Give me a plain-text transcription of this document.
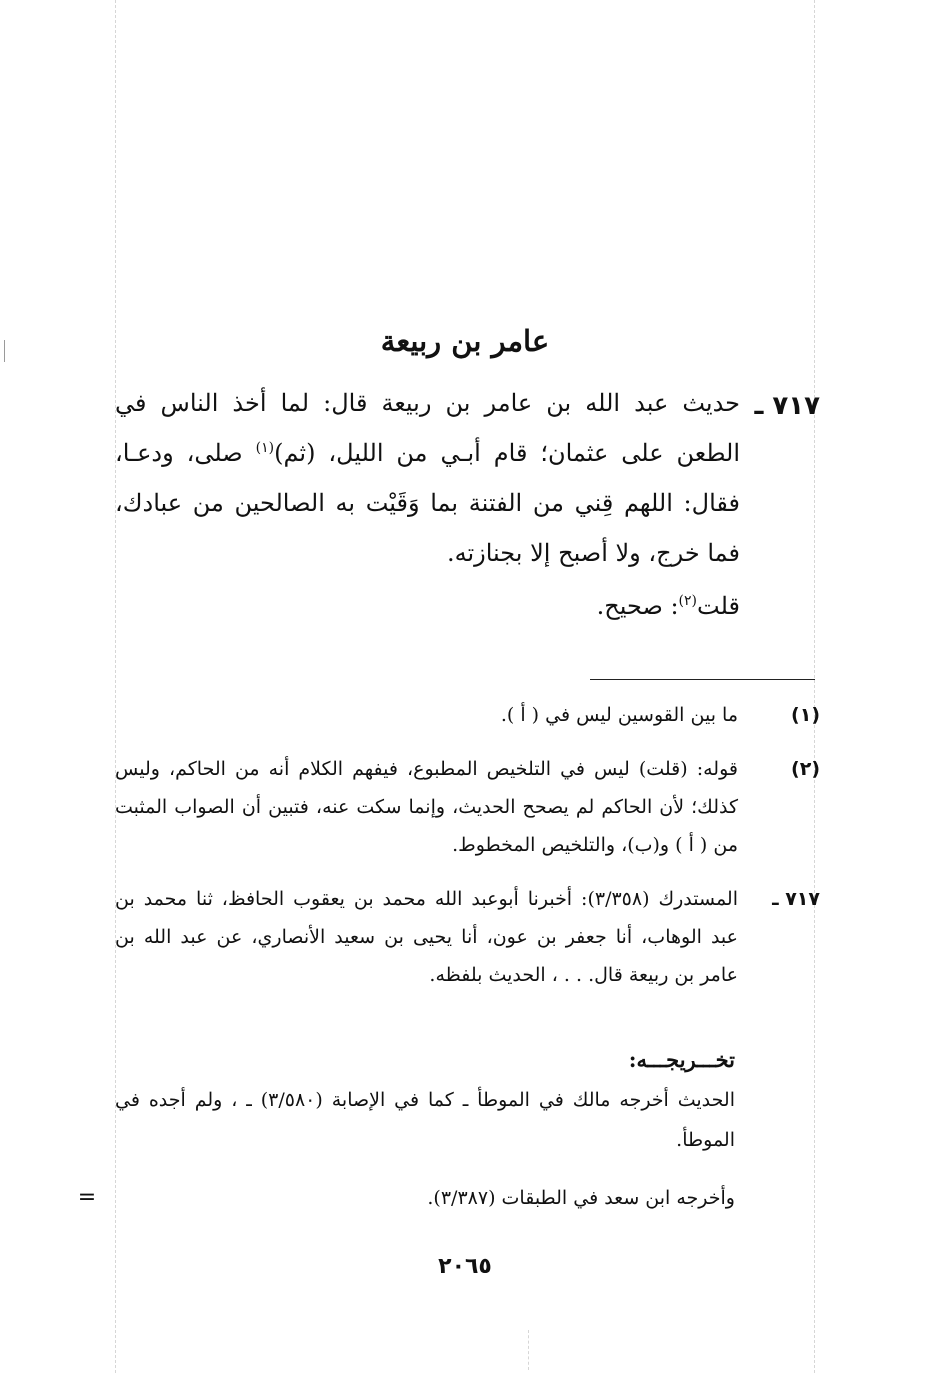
عامر بن ربيعة
٧١٧ ـ
حديث عبد الله بن عامر بن ربيعة قال: لما أخذ الناس في الطعن على عثمان؛ قام أبـي من الليل، (ثم)$^{(١)}$ صلى، ودعـا، فقال: اللهم قِني من الفتنة بما وَقَيْت به الصالحين من عبادك، فما خرج، ولا أصبح إلا بجنازته.
قلت$^{(٢)}$: صحيح.
(١)
ما بين القوسين ليس في ( أ ).
(٢)
قوله: (قلت) ليس في التلخيص المطبوع، فيفهم الكلام أنه من الحاكم، وليس كذلك؛ لأن الحاكم لم يصحح الحديث، وإنما سكت عنه، فتبين أن الصواب المثبت من ( أ ) و(ب)، والتلخيص المخطوط.
٧١٧ ـ
المستدرك (٣/٣٥٨): أخبرنا أبوعبد الله محمد بن يعقوب الحافظ، ثنا محمد بن عبد الوهاب، أنا جعفر بن عون، أنا يحيى بن سعيد الأنصاري، عن عبد الله بن عامر بن ربيعة قال. . . ، الحديث بلفظه.
تخـــريجـــه:
الحديث أخرجه مالك في الموطأ ـ كما في الإصابة (٣/٥٨٠) ـ ، ولم أجده في الموطأ.
وأخرجه ابن سعد في الطبقات (٣/٣٨٧).
=
٢٠٦٥
